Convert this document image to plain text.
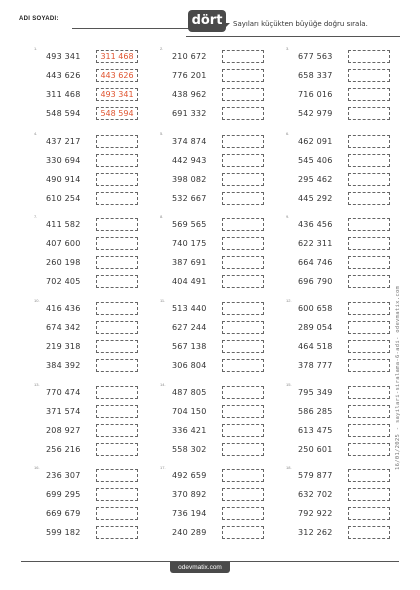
ADI SOYADI:	dört	Sayıları küçükten büyüğe doğru sırala.
1.
493 341	311 468
443 626	443 626
311 468	493 341
548 594	548 594
2.
210 672
776 201
438 962
691 332
3.
677 563
658 337
716 016
542 979
4.
437 217
330 694
490 914
610 254
5.
374 874
442 943
398 082
532 667
6.
462 091
545 406
295 462
445 292
7.
411 582
407 600
260 198
702 405
8.
569 565
740 175
387 691
404 491
9.
436 456
622 311
664 746
696 790
10.
416 436
674 342
219 318
384 392
11.
513 440
627 244
567 138
306 804
12.
600 658
289 054
464 518
378 777
13.
770 474
371 574
208 927
256 216
14.
487 805
704 150
336 421
558 302
15.
795 349
586 285
613 475
250 601
16.
236 307
699 295
669 679
599 182
17.
492 659
370 892
736 194
240 289
18.
579 877
632 702
792 922
312 262
16/01/2025 - sayilari-siralama-6-adi- odevmatix.com
odevmatix.com
